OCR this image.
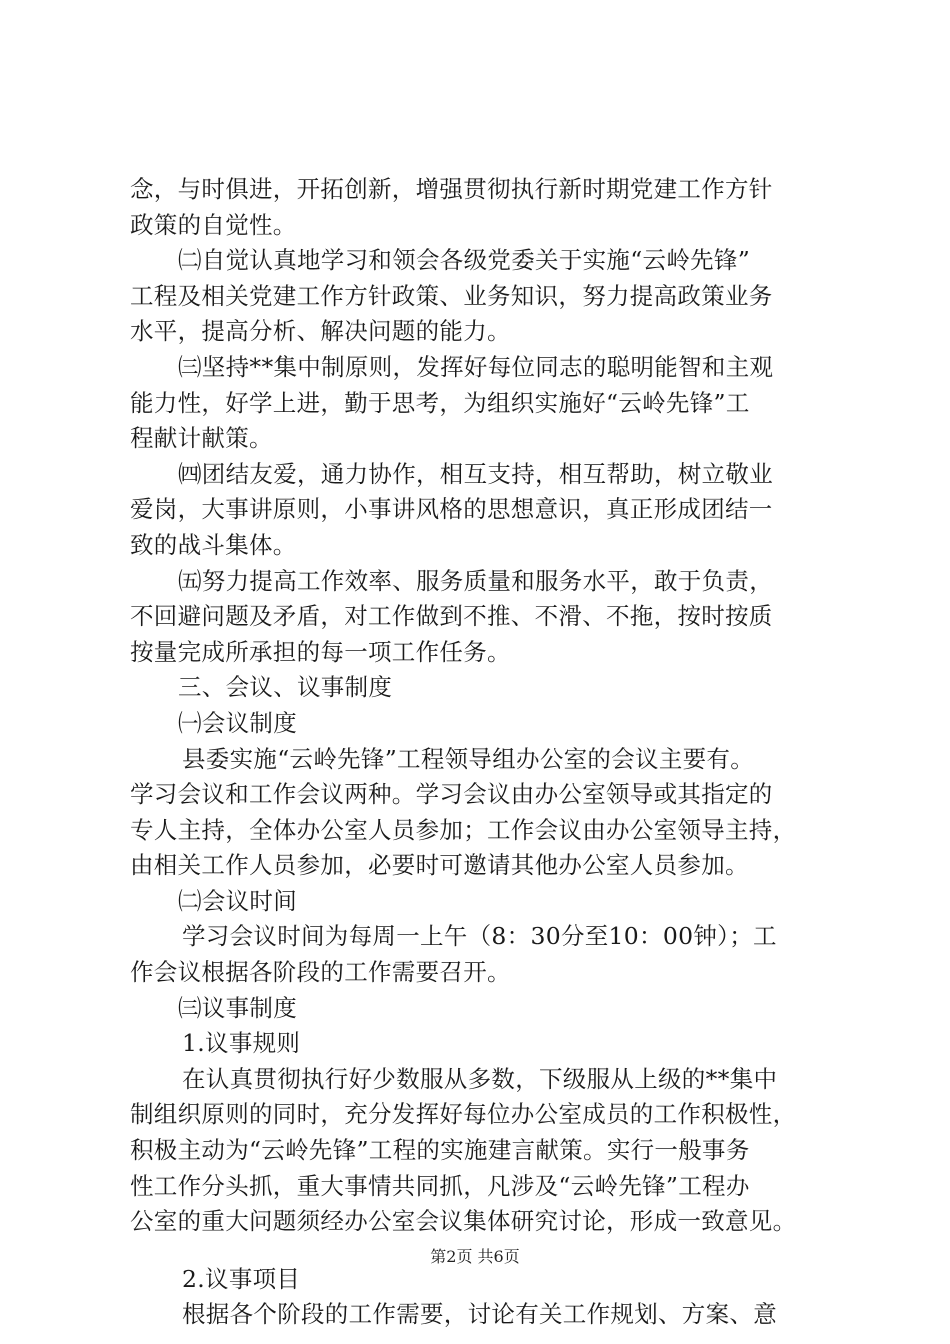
念，与时俱进，开拓创新，增强贯彻执行新时期党建工作方针
政策的自觉性。
㈡自觉认真地学习和领会各级党委关于实施“云岭先锋”
工程及相关党建工作方针政策、业务知识，努力提高政策业务
水平，提高分析、解决问题的能力。
㈢坚持**集中制原则，发挥好每位同志的聪明能智和主观
能力性，好学上进，勤于思考，为组织实施好“云岭先锋”工
程献计献策。
㈣团结友爱，通力协作，相互支持，相互帮助，树立敬业
爱岗，大事讲原则，小事讲风格的思想意识，真正形成团结一
致的战斗集体。
㈤努力提高工作效率、服务质量和服务水平，敢于负责，
不回避问题及矛盾，对工作做到不推、不滑、不拖，按时按质
按量完成所承担的每一项工作任务。
三、会议、议事制度
㈠会议制度
县委实施“云岭先锋”工程领导组办公室的会议主要有。
学习会议和工作会议两种。学习会议由办公室领导或其指定的
专人主持，全体办公室人员参加；工作会议由办公室领导主持，
由相关工作人员参加，必要时可邀请其他办公室人员参加。
㈡会议时间
学习会议时间为每周一上午（8：30分至10：00钟）；工
作会议根据各阶段的工作需要召开。
㈢议事制度
1.议事规则
在认真贯彻执行好少数服从多数，下级服从上级的**集中
制组织原则的同时，充分发挥好每位办公室成员的工作积极性，
积极主动为“云岭先锋”工程的实施建言献策。实行一般事务
性工作分头抓，重大事情共同抓，凡涉及“云岭先锋”工程办
公室的重大问题须经办公室会议集体研究讨论，形成一致意见。
2.议事项目
根据各个阶段的工作需要，讨论有关工作规划、方案、意
第2页 共6页
